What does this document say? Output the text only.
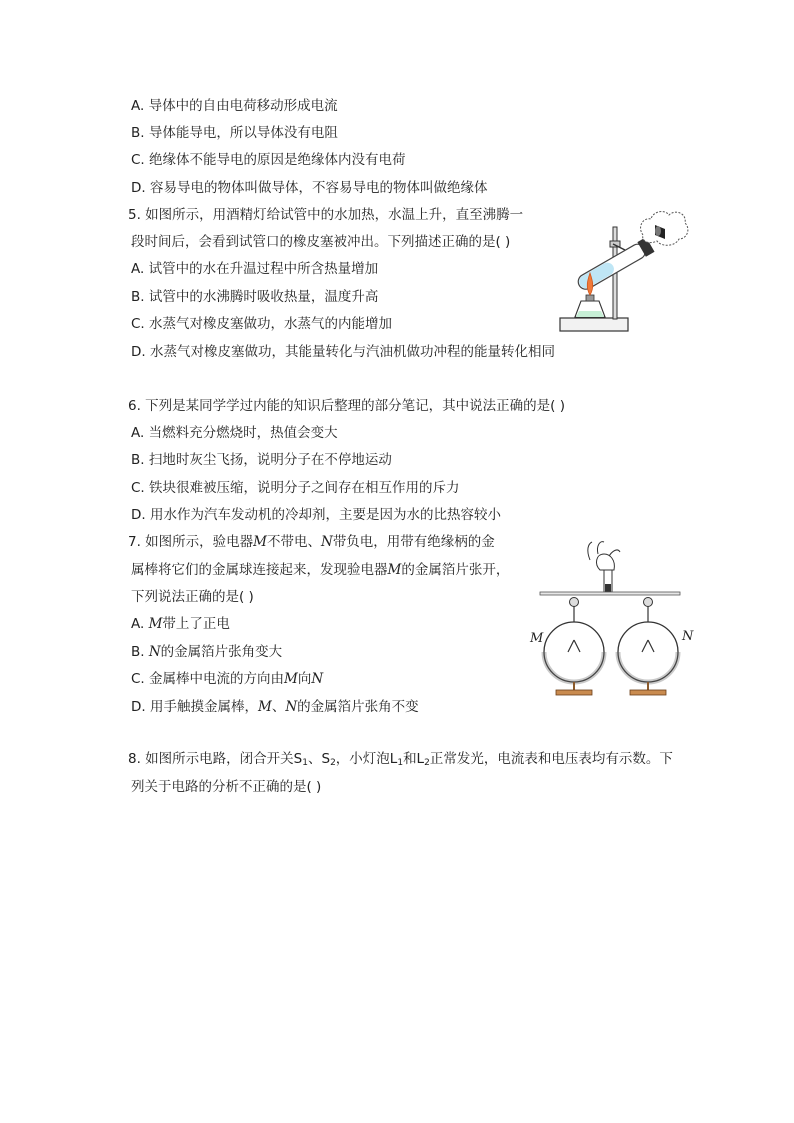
A. 导体中的自由电荷移动形成电流
B. 导体能导电，所以导体没有电阻
C. 绝缘体不能导电的原因是绝缘体内没有电荷
D. 容易导电的物体叫做导体，不容易导电的物体叫做绝缘体
5. 如图所示，用酒精灯给试管中的水加热，水温上升，直至沸腾一
段时间后，会看到试管口的橡皮塞被冲出。下列描述正确的是( )
A. 试管中的水在升温过程中所含热量增加
B. 试管中的水沸腾时吸收热量，温度升高
C. 水蒸气对橡皮塞做功，水蒸气的内能增加
D. 水蒸气对橡皮塞做功，其能量转化与汽油机做功冲程的能量转化相同
6. 下列是某同学学过内能的知识后整理的部分笔记，其中说法正确的是( )
A. 当燃料充分燃烧时，热值会变大
B. 扫地时灰尘飞扬，说明分子在不停地运动
C. 铁块很难被压缩，说明分子之间存在相互作用的斥力
D. 用水作为汽车发动机的冷却剂，主要是因为水的比热容较小
7. 如图所示，验电器M不带电、N带负电，用带有绝缘柄的金
属棒将它们的金属球连接起来，发现验电器M的金属箔片张开，
下列说法正确的是( )
A. M带上了正电
B. N的金属箔片张角变大
C. 金属棒中电流的方向由M向N
D. 用手触摸金属棒，M、N的金属箔片张角不变
M	N
8. 如图所示电路，闭合开关$S_1$、$S_2$，小灯泡$L_1$和$L_2$正常发光，电流表和电压表均有示数。下
列关于电路的分析不正确的是( )
